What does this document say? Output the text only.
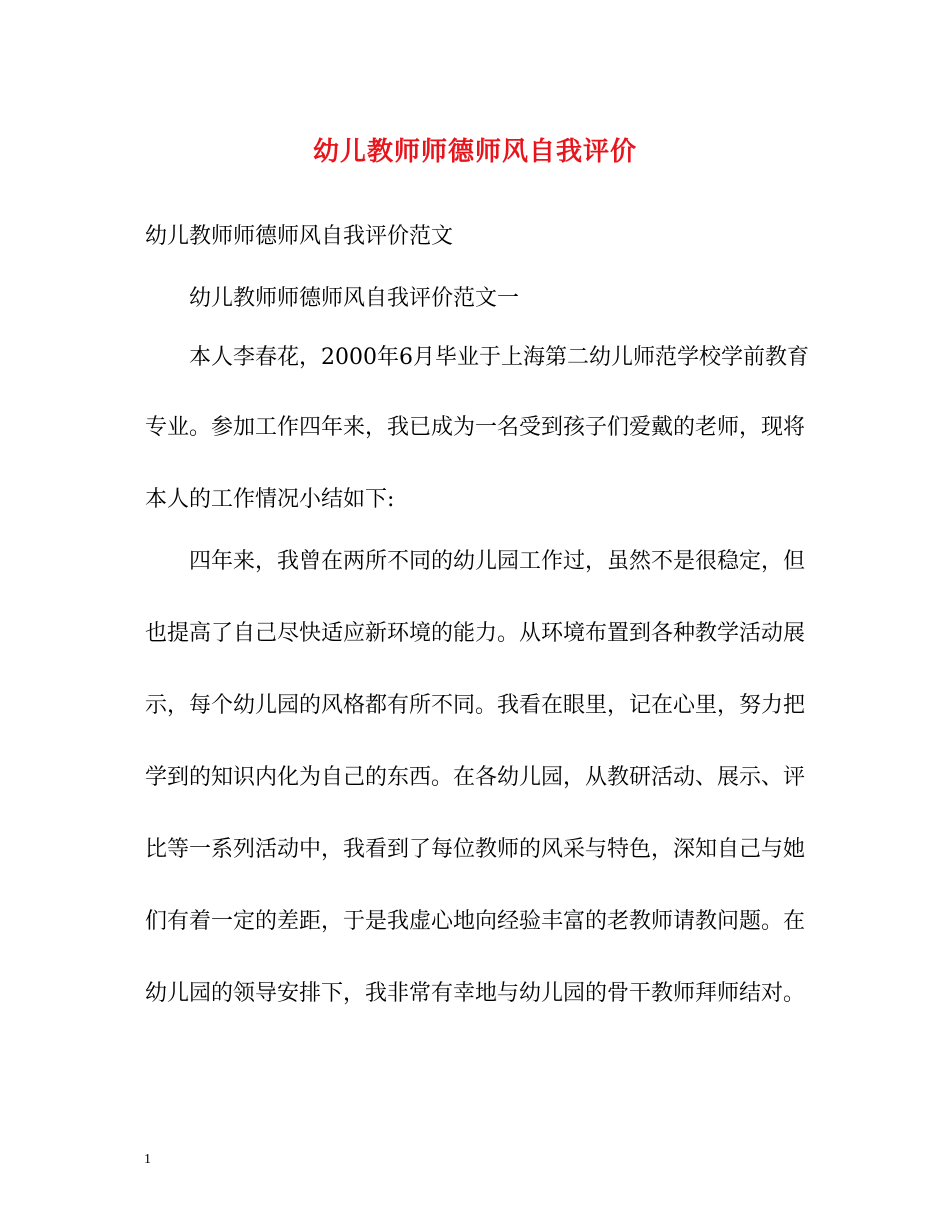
幼儿教师师德师风自我评价
幼儿教师师德师风自我评价范文
幼儿教师师德师风自我评价范文一
本人李春花，2000年6月毕业于上海第二幼儿师范学校学前教育
专业。参加工作四年来，我已成为一名受到孩子们爱戴的老师，现将
本人的工作情况小结如下:
四年来，我曾在两所不同的幼儿园工作过，虽然不是很稳定，但
也提高了自己尽快适应新环境的能力。从环境布置到各种教学活动展
示，每个幼儿园的风格都有所不同。我看在眼里，记在心里，努力把
学到的知识内化为自己的东西。在各幼儿园，从教研活动、展示、评
比等一系列活动中，我看到了每位教师的风采与特色，深知自己与她
们有着一定的差距，于是我虚心地向经验丰富的老教师请教问题。在
幼儿园的领导安排下，我非常有幸地与幼儿园的骨干教师拜师结对。
1
